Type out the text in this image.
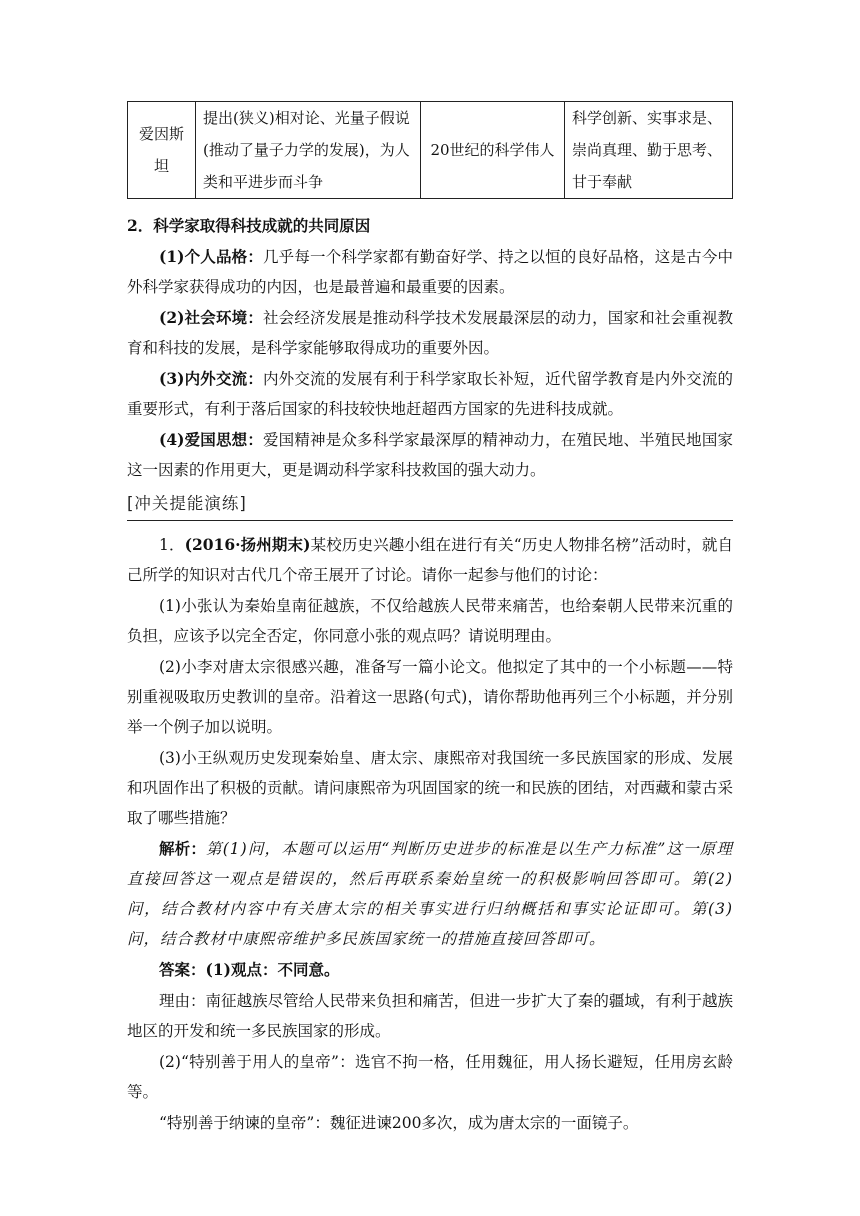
爱因斯坦	提出(狭义)相对论、光量子假说
(推动了量子力学的发展)，为人
类和平进步而斗争	20世纪的科学伟人	科学创新、实事求是、
崇尚真理、勤于思考、
甘于奉献

2．科学家取得科技成就的共同原因

(1)个人品格：几乎每一个科学家都有勤奋好学、持之以恒的良好品格，这是古今中外科学家获得成功的内因，也是最普遍和最重要的因素。

(2)社会环境：社会经济发展是推动科学技术发展最深层的动力，国家和社会重视教育和科技的发展，是科学家能够取得成功的重要外因。

(3)内外交流：内外交流的发展有利于科学家取长补短，近代留学教育是内外交流的重要形式，有利于落后国家的科技较快地赶超西方国家的先进科技成就。

(4)爱国思想：爱国精神是众多科学家最深厚的精神动力，在殖民地、半殖民地国家这一因素的作用更大，更是调动科学家科技救国的强大动力。

[冲关提能演练]

1．(2016·扬州期末)某校历史兴趣小组在进行有关“历史人物排名榜”活动时，就自己所学的知识对古代几个帝王展开了讨论。请你一起参与他们的讨论：

(1)小张认为秦始皇南征越族，不仅给越族人民带来痛苦，也给秦朝人民带来沉重的负担，应该予以完全否定，你同意小张的观点吗？请说明理由。

(2)小李对唐太宗很感兴趣，准备写一篇小论文。他拟定了其中的一个小标题——特别重视吸取历史教训的皇帝。沿着这一思路(句式)，请你帮助他再列三个小标题，并分别举一个例子加以说明。

(3)小王纵观历史发现秦始皇、唐太宗、康熙帝对我国统一多民族国家的形成、发展和巩固作出了积极的贡献。请问康熙帝为巩固国家的统一和民族的团结，对西藏和蒙古采取了哪些措施？

解析：第(1)问，本题可以运用“判断历史进步的标准是以生产力标准”这一原理直接回答这一观点是错误的，然后再联系秦始皇统一的积极影响回答即可。第(2)问，结合教材内容中有关唐太宗的相关事实进行归纳概括和事实论证即可。第(3)问，结合教材中康熙帝维护多民族国家统一的措施直接回答即可。

答案：(1)观点：不同意。

理由：南征越族尽管给人民带来负担和痛苦，但进一步扩大了秦的疆域，有利于越族地区的开发和统一多民族国家的形成。

(2)“特别善于用人的皇帝”：选官不拘一格，任用魏征，用人扬长避短，任用房玄龄等。

“特别善于纳谏的皇帝”：魏征进谏200多次，成为唐太宗的一面镜子。
